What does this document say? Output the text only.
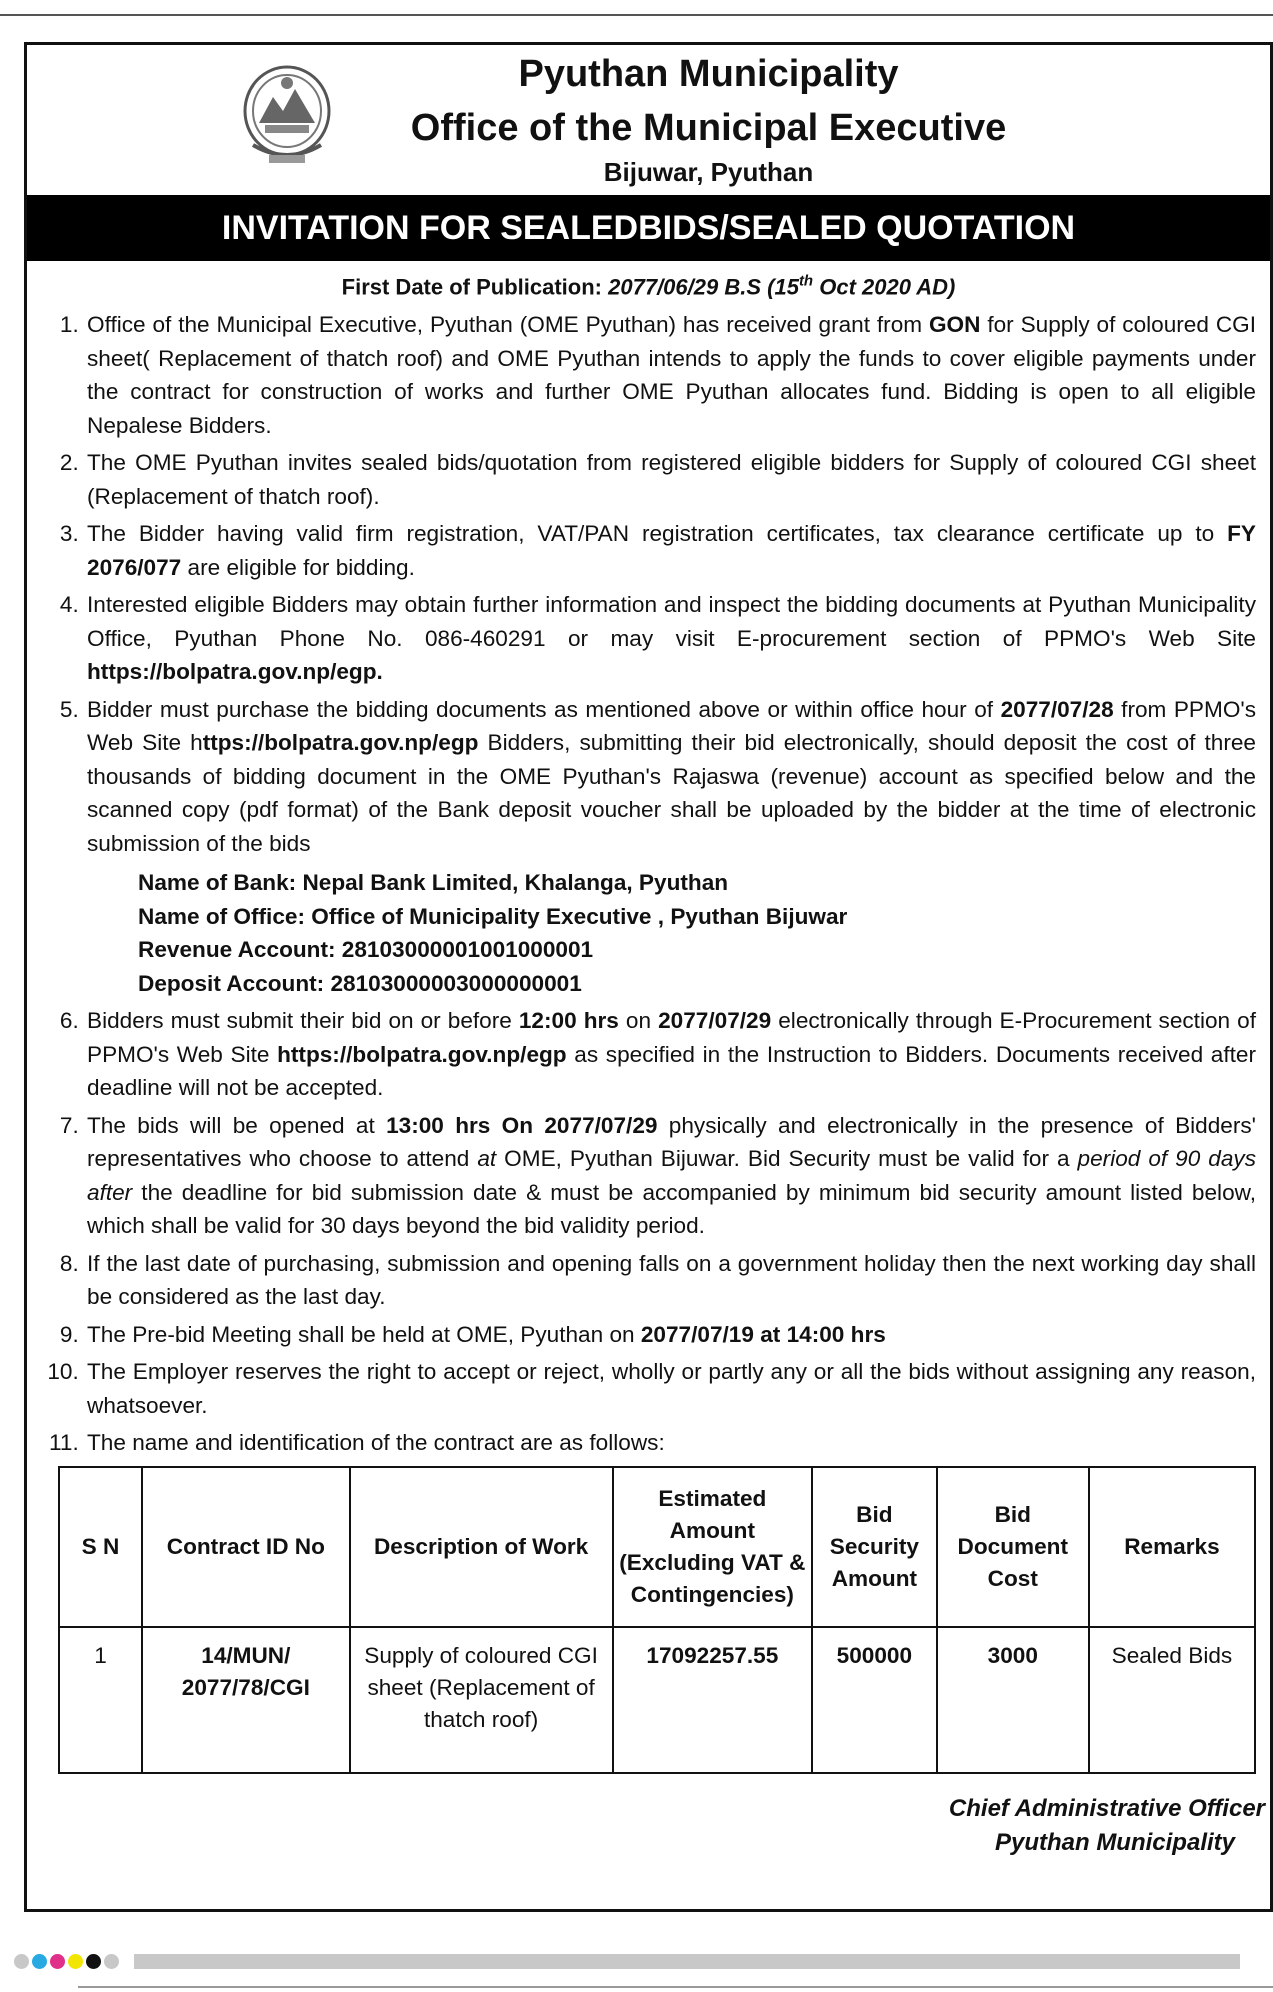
Pyuthan Municipality
Office of the Municipal Executive
Bijuwar, Pyuthan
INVITATION FOR SEALEDBIDS/SEALED QUOTATION
First Date of Publication: 2077/06/29 B.S (15th Oct 2020 AD)
1. Office of the Municipal Executive, Pyuthan (OME Pyuthan) has received grant from GON for Supply of coloured CGI sheet( Replacement of thatch roof) and OME Pyuthan intends to apply the funds to cover eligible payments under the contract for construction of works and further OME Pyuthan allocates fund. Bidding is open to all eligible Nepalese Bidders.
2. The OME Pyuthan invites sealed bids/quotation from registered eligible bidders for Supply of coloured CGI sheet (Replacement of thatch roof).
3. The Bidder having valid firm registration, VAT/PAN registration certificates, tax clearance certificate up to FY 2076/077 are eligible for bidding.
4. Interested eligible Bidders may obtain further information and inspect the bidding documents at Pyuthan Municipality Office, Pyuthan Phone No. 086-460291 or may visit E-procurement section of PPMO's Web Site https://bolpatra.gov.np/egp.
5. Bidder must purchase the bidding documents as mentioned above or within office hour of 2077/07/28 from PPMO's Web Site https://bolpatra.gov.np/egp Bidders, submitting their bid electronically, should deposit the cost of three thousands of bidding document in the OME Pyuthan's Rajaswa (revenue) account as specified below and the scanned copy (pdf format) of the Bank deposit voucher shall be uploaded by the bidder at the time of electronic submission of the bids
Name of Bank: Nepal Bank Limited, Khalanga, Pyuthan
Name of Office: Office of Municipality Executive , Pyuthan Bijuwar
Revenue Account: 28103000001001000001
Deposit Account: 28103000003000000001
6. Bidders must submit their bid on or before 12:00 hrs on 2077/07/29 electronically through E-Procurement section of PPMO's Web Site https://bolpatra.gov.np/egp as specified in the Instruction to Bidders. Documents received after deadline will not be accepted.
7. The bids will be opened at 13:00 hrs On 2077/07/29 physically and electronically in the presence of Bidders' representatives who choose to attend at OME, Pyuthan Bijuwar. Bid Security must be valid for a period of 90 days after the deadline for bid submission date & must be accompanied by minimum bid security amount listed below, which shall be valid for 30 days beyond the bid validity period.
8. If the last date of purchasing, submission and opening falls on a government holiday then the next working day shall be considered as the last day.
9. The Pre-bid Meeting shall be held at OME, Pyuthan on 2077/07/19 at 14:00 hrs
10. The Employer reserves the right to accept or reject, wholly or partly any or all the bids without assigning any reason, whatsoever.
11. The name and identification of the contract are as follows:
S N	Contract ID No	Description of Work	Estimated Amount (Excluding VAT & Contingencies)	Bid Security Amount	Bid Document Cost	Remarks
1	14/MUN/ 2077/78/CGI	Supply of coloured CGI sheet (Replacement of thatch roof)	17092257.55	500000	3000	Sealed Bids
Chief Administrative Officer
Pyuthan Municipality
